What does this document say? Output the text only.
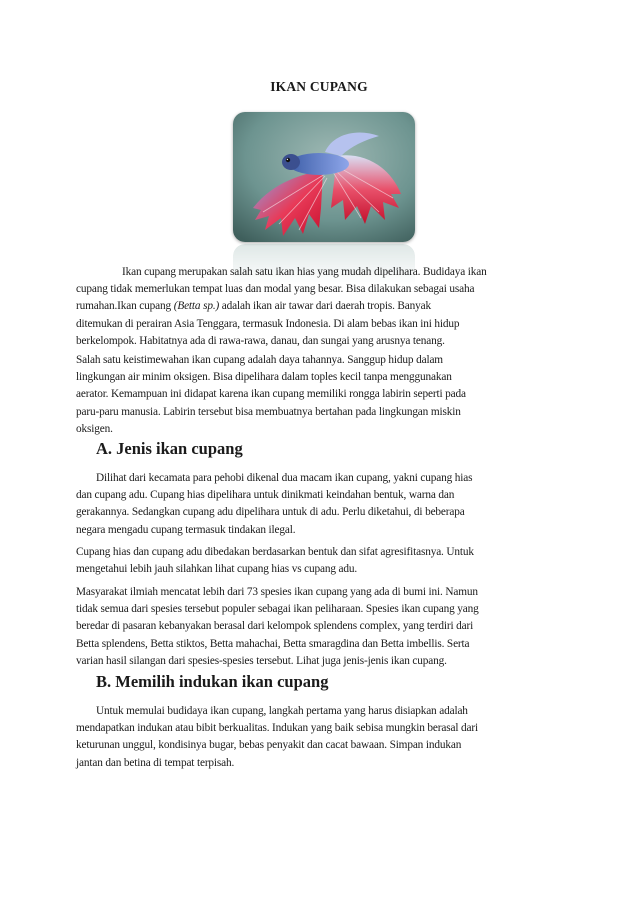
IKAN CUPANG

Ikan cupang merupakan salah satu ikan hias yang mudah dipelihara. Budidaya ikan

cupang tidak memerlukan tempat luas dan modal yang besar. Bisa dilakukan sebagai usaha

rumahan.Ikan cupang (Betta sp.) adalah ikan air tawar dari daerah tropis. Banyak

ditemukan di perairan Asia Tenggara, termasuk Indonesia. Di alam bebas ikan ini hidup

berkelompok. Habitatnya ada di rawa-rawa, danau, dan sungai yang arusnya tenang.

Salah satu keistimewahan ikan cupang adalah daya tahannya. Sanggup hidup dalam

lingkungan air minim oksigen. Bisa dipelihara dalam toples kecil tanpa menggunakan

aerator. Kemampuan ini didapat karena ikan cupang memiliki rongga labirin seperti pada

paru-paru manusia. Labirin tersebut bisa membuatnya bertahan pada lingkungan miskin

oksigen.

A. Jenis ikan cupang

Dilihat dari kecamata para pehobi dikenal dua macam ikan cupang, yakni cupang hias

dan cupang adu. Cupang hias dipelihara untuk dinikmati keindahan bentuk, warna dan

gerakannya. Sedangkan cupang adu dipelihara untuk di adu. Perlu diketahui, di beberapa

negara mengadu cupang termasuk tindakan ilegal.

Cupang hias dan cupang adu dibedakan berdasarkan bentuk dan sifat agresifitasnya. Untuk

mengetahui lebih jauh silahkan lihat cupang hias vs cupang adu.

Masyarakat ilmiah mencatat lebih dari 73 spesies ikan cupang yang ada di bumi ini. Namun

tidak semua dari spesies tersebut populer sebagai ikan peliharaan. Spesies ikan cupang yang

beredar di pasaran kebanyakan berasal dari kelompok splendens complex, yang terdiri dari

Betta splendens, Betta stiktos, Betta mahachai, Betta smaragdina dan Betta imbellis. Serta

varian hasil silangan dari spesies-spesies tersebut. Lihat juga jenis-jenis ikan cupang.

B. Memilih indukan ikan cupang

Untuk memulai budidaya ikan cupang, langkah pertama yang harus disiapkan adalah

mendapatkan indukan atau bibit berkualitas. Indukan yang baik sebisa mungkin berasal dari

keturunan unggul, kondisinya bugar, bebas penyakit dan cacat bawaan. Simpan indukan

jantan dan betina di tempat terpisah.
